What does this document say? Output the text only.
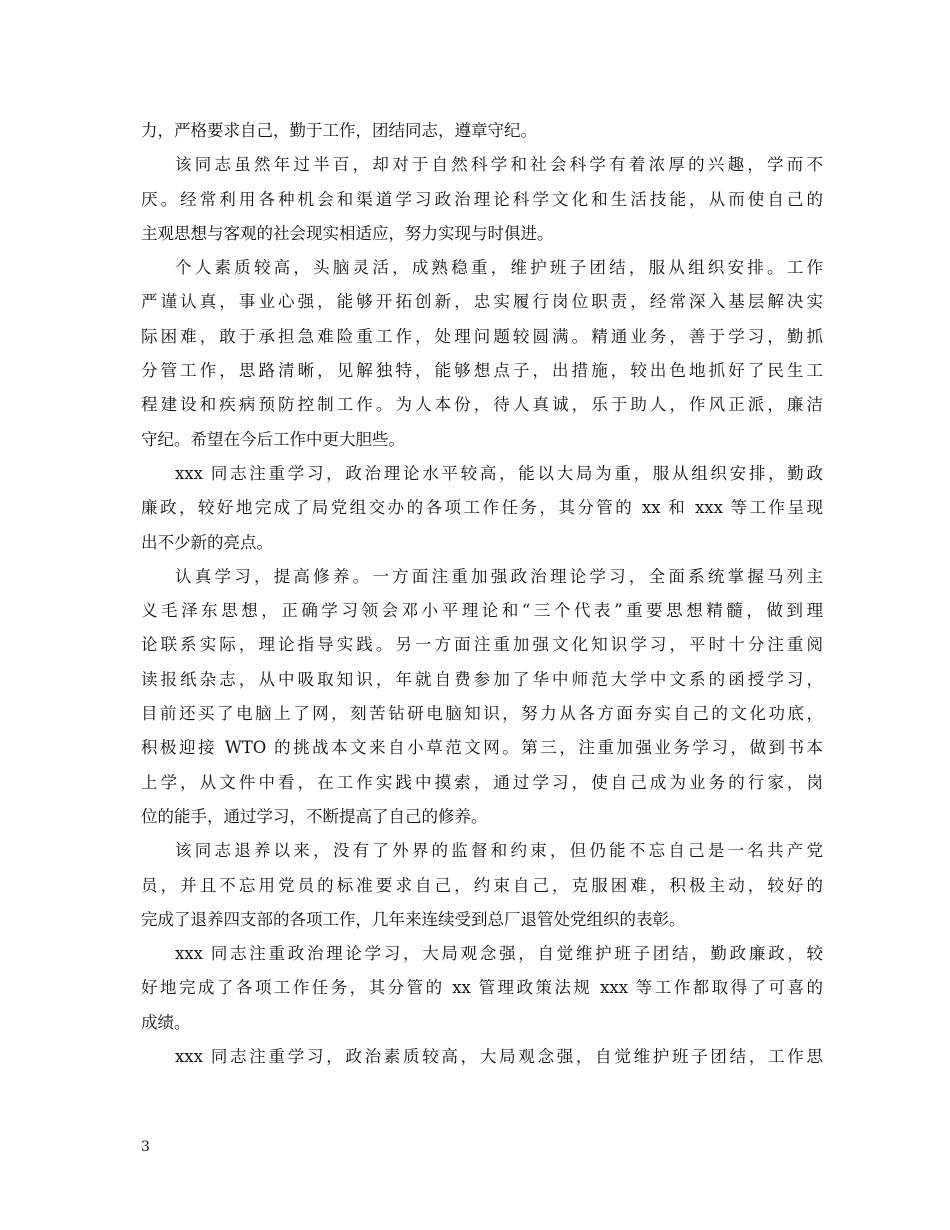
力，严格要求自己，勤于工作，团结同志，遵章守纪。
该同志虽然年过半百，却对于自然科学和社会科学有着浓厚的兴趣，学而不
厌。经常利用各种机会和渠道学习政治理论科学文化和生活技能，从而使自己的
主观思想与客观的社会现实相适应，努力实现与时俱进。
个人素质较高，头脑灵活，成熟稳重，维护班子团结，服从组织安排。工作
严谨认真，事业心强，能够开拓创新，忠实履行岗位职责，经常深入基层解决实
际困难，敢于承担急难险重工作，处理问题较圆满。精通业务，善于学习，勤抓
分管工作，思路清晰，见解独特，能够想点子，出措施，较出色地抓好了民生工
程建设和疾病预防控制工作。为人本份，待人真诚，乐于助人，作风正派，廉洁
守纪。希望在今后工作中更大胆些。
xxx 同志注重学习，政治理论水平较高，能以大局为重，服从组织安排，勤政
廉政，较好地完成了局党组交办的各项工作任务，其分管的 xx 和 xxx 等工作呈现
出不少新的亮点。
认真学习，提高修养。一方面注重加强政治理论学习，全面系统掌握马列主
义毛泽东思想，正确学习领会邓小平理论和“三个代表”重要思想精髓，做到理
论联系实际，理论指导实践。另一方面注重加强文化知识学习，平时十分注重阅
读报纸杂志，从中吸取知识，年就自费参加了华中师范大学中文系的函授学习，
目前还买了电脑上了网，刻苦钻研电脑知识，努力从各方面夯实自己的文化功底，
积极迎接 WTO 的挑战本文来自小草范文网。第三，注重加强业务学习，做到书本
上学，从文件中看，在工作实践中摸索，通过学习，使自己成为业务的行家，岗
位的能手，通过学习，不断提高了自己的修养。
该同志退养以来，没有了外界的监督和约束，但仍能不忘自己是一名共产党
员，并且不忘用党员的标准要求自己，约束自己，克服困难，积极主动，较好的
完成了退养四支部的各项工作，几年来连续受到总厂退管处党组织的表彰。
xxx 同志注重政治理论学习，大局观念强，自觉维护班子团结，勤政廉政，较
好地完成了各项工作任务，其分管的 xx 管理政策法规 xxx 等工作都取得了可喜的
成绩。
xxx 同志注重学习，政治素质较高，大局观念强，自觉维护班子团结，工作思
3
